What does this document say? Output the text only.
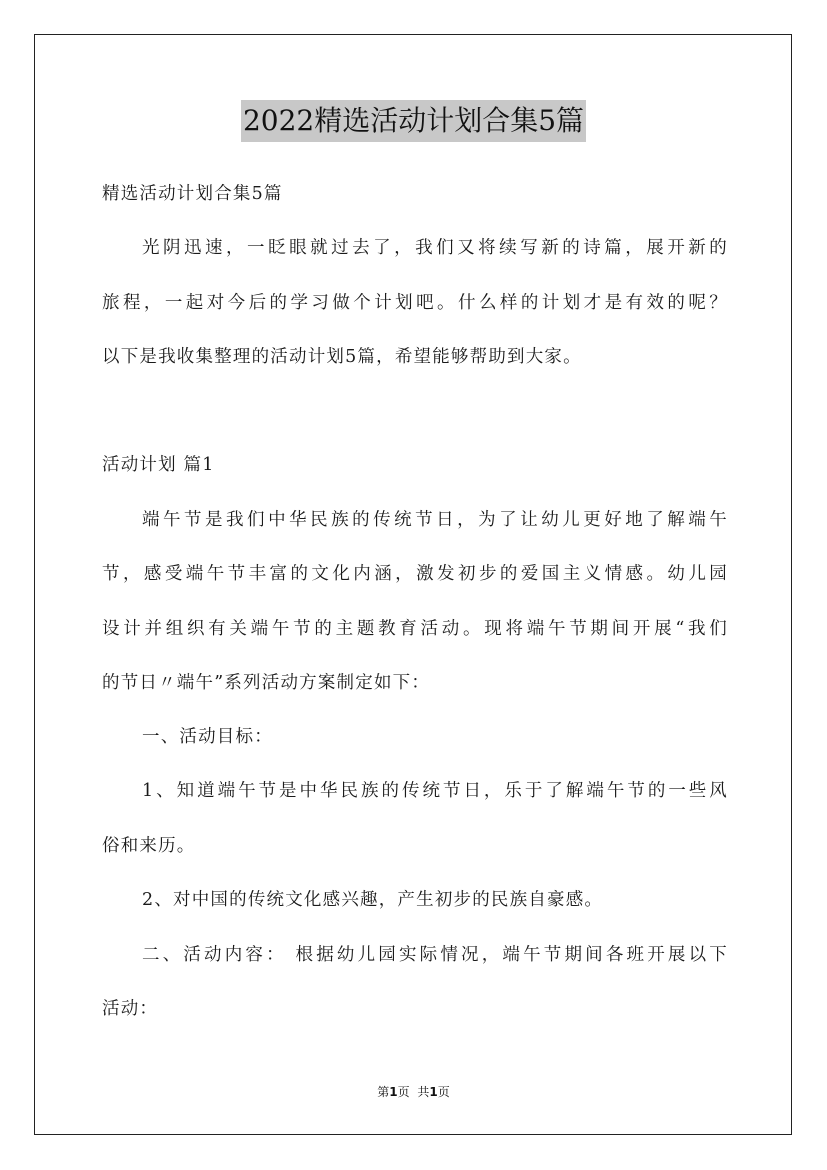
2022精选活动计划合集5篇
精选活动计划合集5篇
光阴迅速，一眨眼就过去了，我们又将续写新的诗篇，展开新的
旅程，一起对今后的学习做个计划吧。什么样的计划才是有效的呢？
以下是我收集整理的活动计划5篇，希望能够帮助到大家。
活动计划 篇1
端午节是我们中华民族的传统节日，为了让幼儿更好地了解端午
节，感受端午节丰富的文化内涵，激发初步的爱国主义情感。幼儿园
设计并组织有关端午节的主题教育活动。现将端午节期间开展“我们
的节日〃端午”系列活动方案制定如下：
一、活动目标：
1、知道端午节是中华民族的传统节日，乐于了解端午节的一些风
俗和来历。
2、对中国的传统文化感兴趣，产生初步的民族自豪感。
二、活动内容： 根据幼儿园实际情况，端午节期间各班开展以下
活动：
第1页 共1页
